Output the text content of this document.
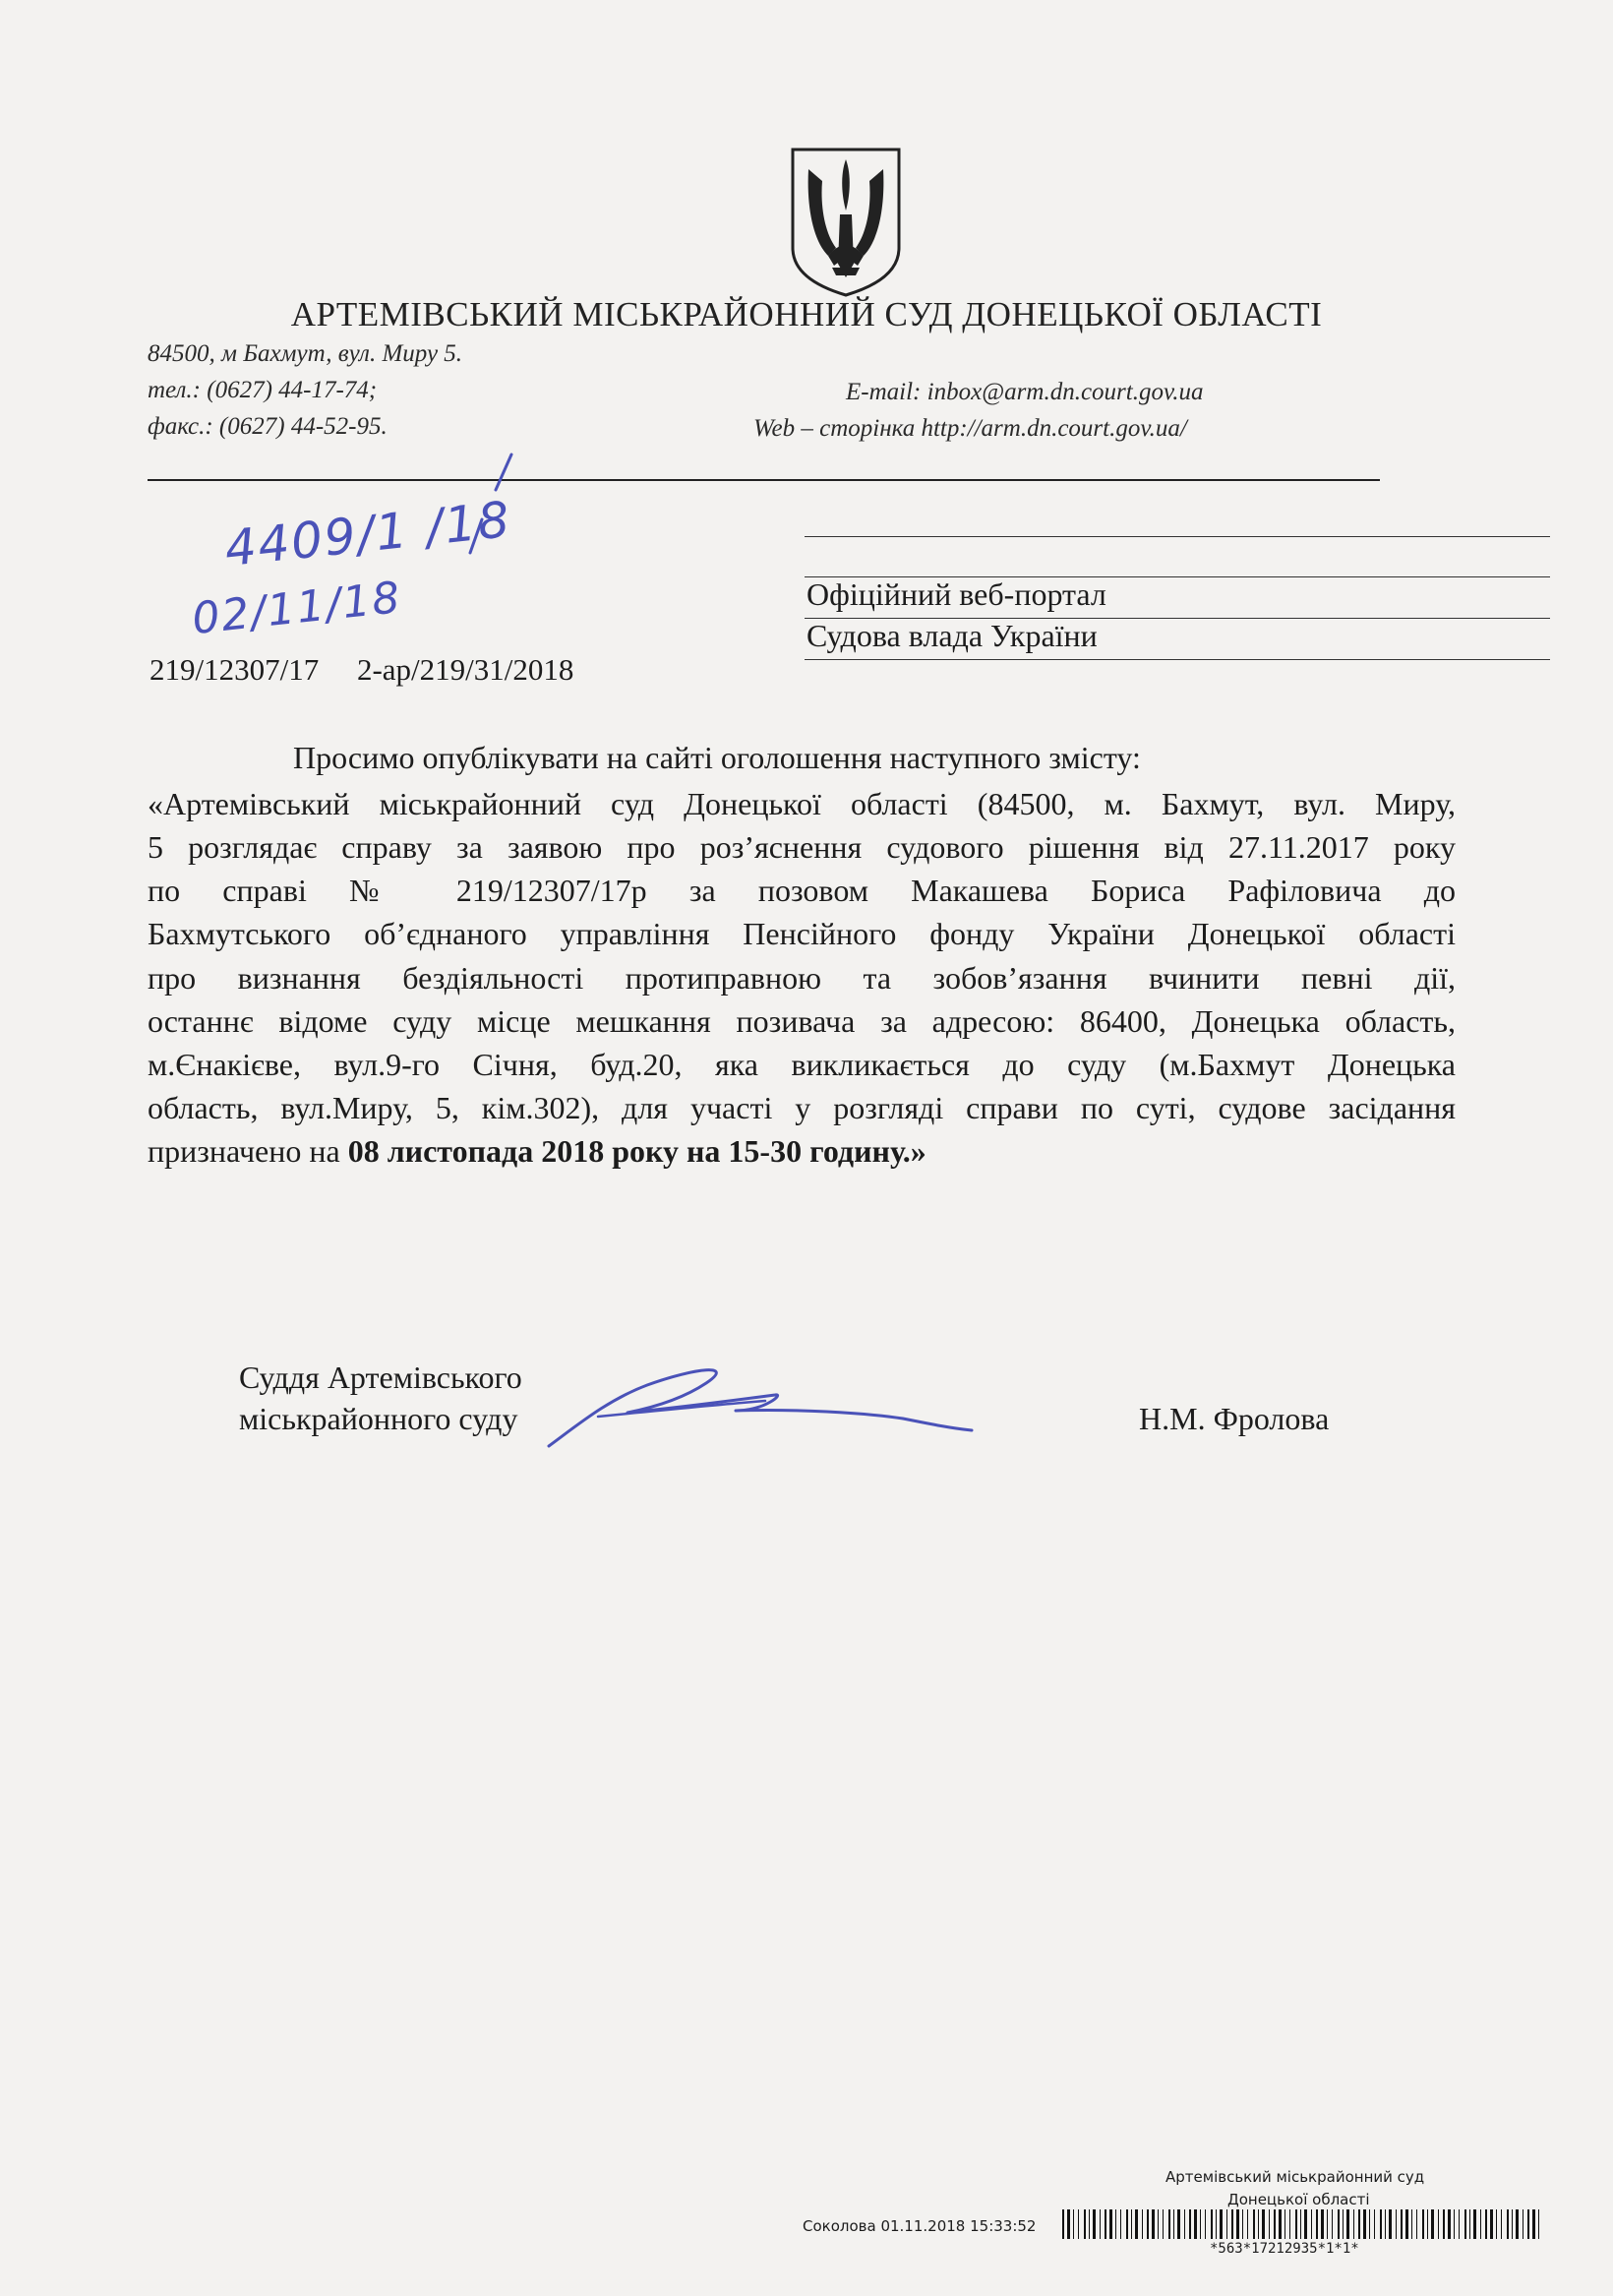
АРТЕМІВСЬКИЙ МІСЬКРАЙОННИЙ СУД ДОНЕЦЬКОЇ ОБЛАСТІ
84500, м Бахмут, вул. Миру 5.
тел.: (0627) 44-17-74;
факс.: (0627) 44-52-95.
E-mail: inbox@arm.dn.court.gov.ua
Web – сторінка http://arm.dn.court.gov.ua/
4409/1 /18
02/11/18	Офіційний веб-портал
Судова влада України
219/12307/17     2-ар/219/31/2018
Просимо опублікувати на сайті оголошення наступного змісту:
«Артемівський міськрайонний суд Донецької області (84500, м. Бахмут, вул. Миру,
5 розглядає справу за заявою про роз’яснення судового рішення від 27.11.2017 року
по справі № 219/12307/17р за позовом Макашева Бориса Рафіловича до
Бахмутського об’єднаного управління Пенсійного фонду України Донецької області
про визнання бездіяльності протиправною та зобов’язання вчинити певні дії,
останнє відоме суду місце мешкання позивача за адресою: 86400, Донецька область,
м.Єнакієве, вул.9-го Січня, буд.20, яка викликається до суду (м.Бахмут Донецька
область, вул.Миру, 5, кім.302), для участі у розгляді справи по суті, судове засідання
призначено на 08 листопада 2018 року на 15-30 годину.»
Суддя Артемівського
міськрайонного суду	Н.М. Фролова
Артемівський міськрайонний суд
Донецької області
Соколова 01.11.2018 15:33:52
*563*17212935*1*1*
